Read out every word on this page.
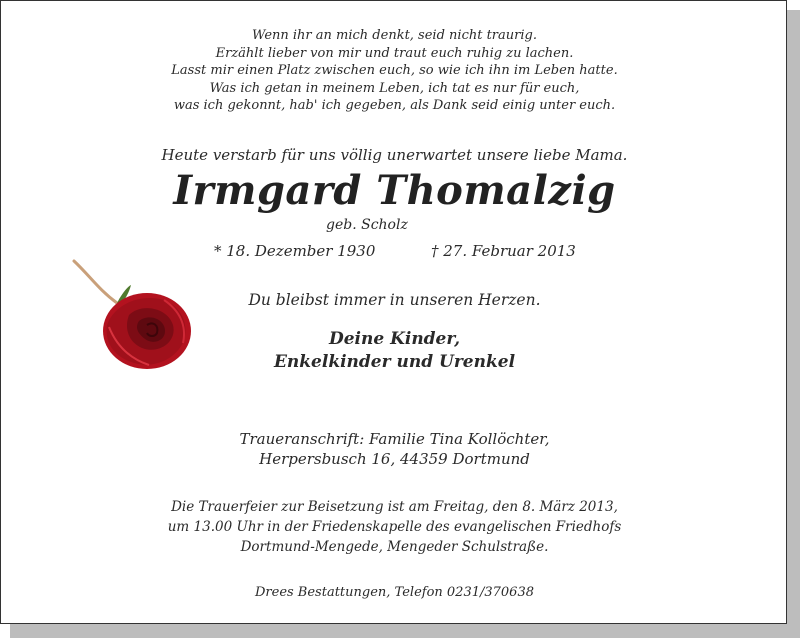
Wenn ihr an mich denkt, seid nicht traurig.
Erzählt lieber von mir und traut euch ruhig zu lachen.
Lasst mir einen Platz zwischen euch, so wie ich ihn im Leben hatte.
Was ich getan in meinem Leben, ich tat es nur für euch,
was ich gekonnt, hab' ich gegeben, als Dank seid einig unter euch.
Heute verstarb für uns völlig unerwartet unsere liebe Mama.
Irmgard Thomalzig
geb. Scholz
* 18. Dezember 1930	† 27. Februar 2013
Du bleibst immer in unseren Herzen.
Deine Kinder,
Enkelkinder und Urenkel
Traueranschrift: Familie Tina Kollöchter,
Herpersbusch 16, 44359 Dortmund
Die Trauerfeier zur Beisetzung ist am Freitag, den 8. März 2013,
um 13.00 Uhr in der Friedenskapelle des evangelischen Friedhofs
Dortmund-Mengede, Mengeder Schulstraße.
Drees Bestattungen, Telefon 0231/370638
